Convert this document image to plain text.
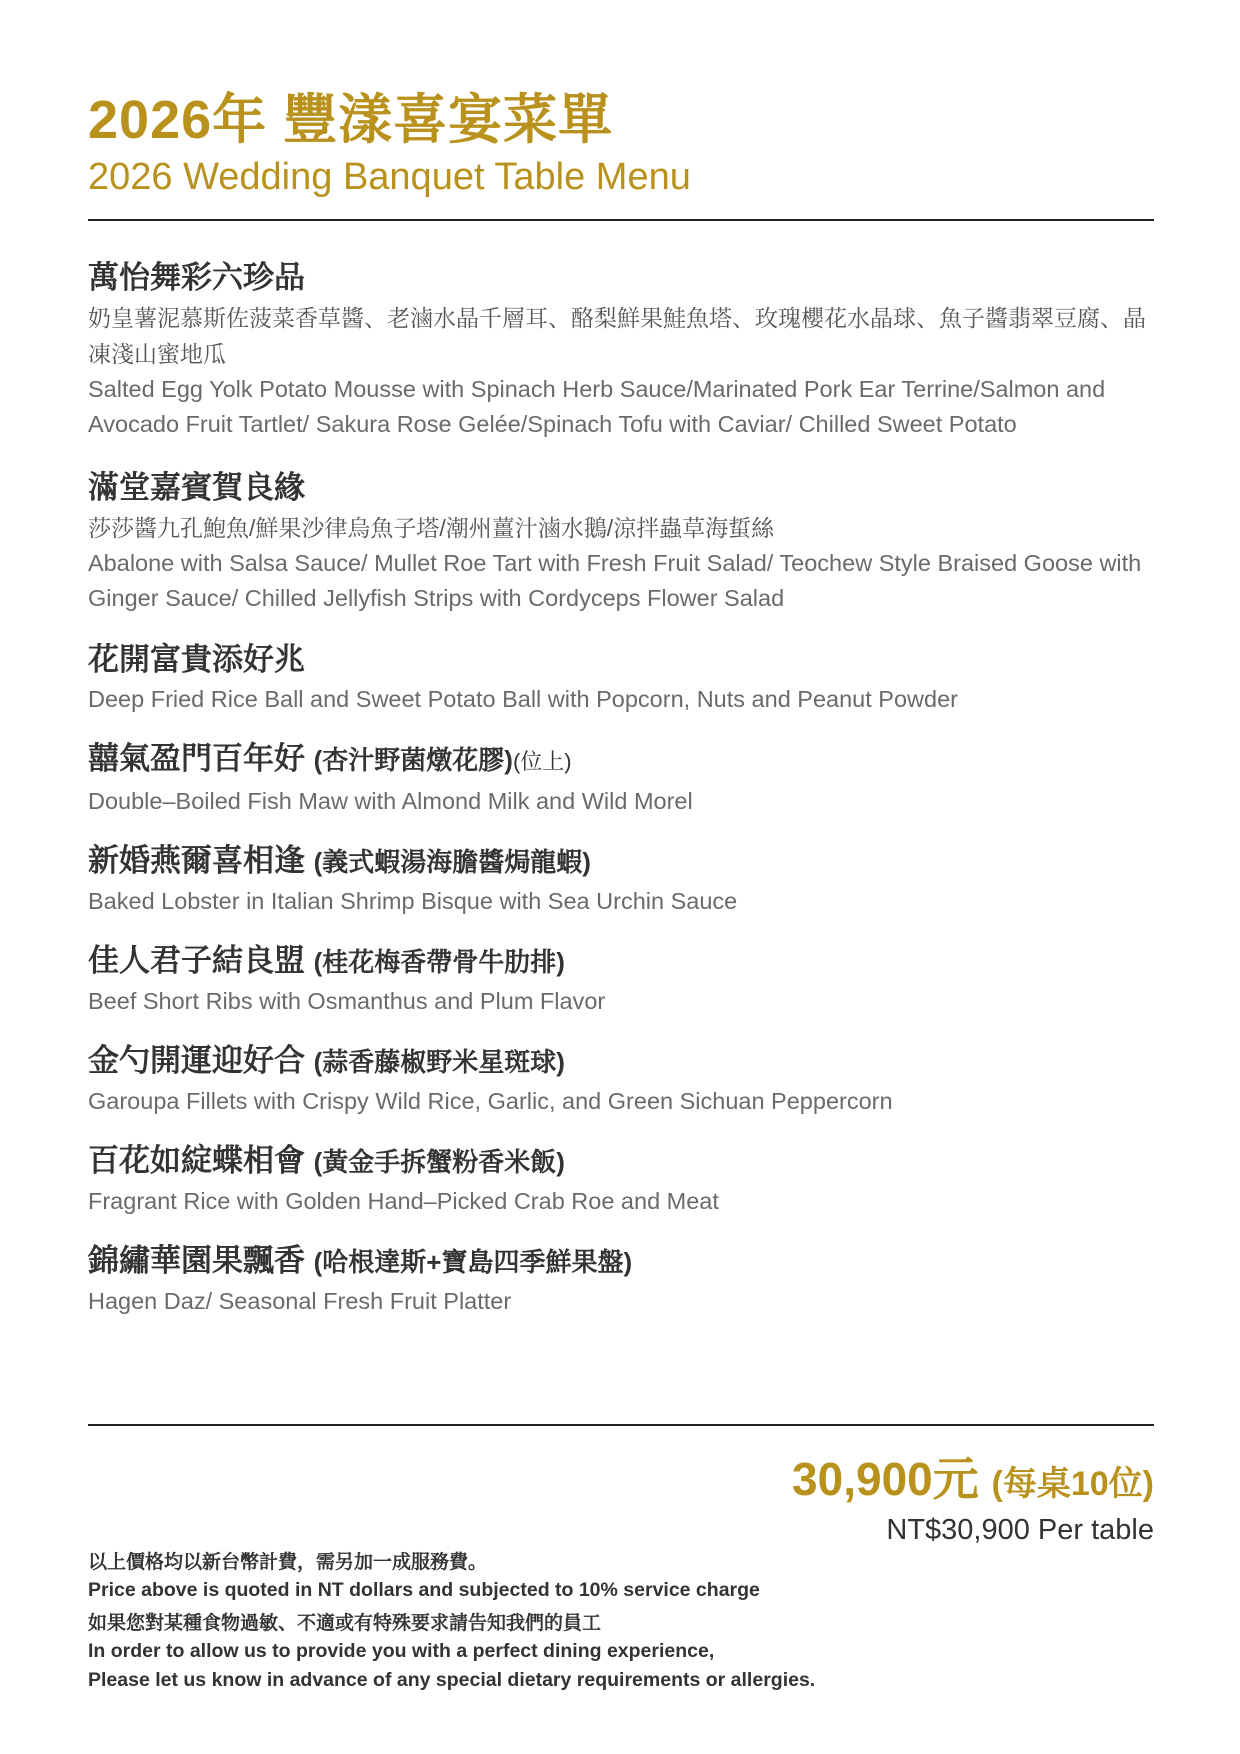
2026年 豐漾喜宴菜單
2026 Wedding Banquet Table Menu
萬怡舞彩六珍品
奶皇薯泥慕斯佐菠菜香草醬、老滷水晶千層耳、酪梨鮮果鮭魚塔、玫瑰櫻花水晶球、魚子醬翡翠豆腐、晶凍淺山蜜地瓜
Salted Egg Yolk Potato Mousse with Spinach Herb Sauce/Marinated Pork Ear Terrine/Salmon and Avocado Fruit Tartlet/ Sakura Rose Gelée/Spinach Tofu with Caviar/ Chilled Sweet Potato
滿堂嘉賓賀良緣
莎莎醬九孔鮑魚/鮮果沙律烏魚子塔/潮州薑汁滷水鵝/涼拌蟲草海蜇絲
Abalone with Salsa Sauce/ Mullet Roe Tart with Fresh Fruit Salad/ Teochew Style Braised Goose with Ginger Sauce/ Chilled Jellyfish Strips with Cordyceps Flower Salad
花開富貴添好兆
Deep Fried Rice Ball and Sweet Potato Ball with Popcorn, Nuts and Peanut Powder
囍氣盈門百年好 (杏汁野菌燉花膠)(位上)
Double–Boiled Fish Maw with Almond Milk and Wild Morel
新婚燕爾喜相逢 (義式蝦湯海膽醬焗龍蝦)
Baked Lobster in Italian Shrimp Bisque with Sea Urchin Sauce
佳人君子結良盟 (桂花梅香帶骨牛肋排)
Beef Short Ribs with Osmanthus and Plum Flavor
金勺開運迎好合 (蒜香藤椒野米星斑球)
Garoupa Fillets with Crispy Wild Rice, Garlic, and Green Sichuan Peppercorn
百花如綻蝶相會 (黃金手拆蟹粉香米飯)
Fragrant Rice with Golden Hand–Picked Crab Roe and Meat
錦繡華園果飄香 (哈根達斯+寶島四季鮮果盤)
Hagen Daz/ Seasonal Fresh Fruit Platter
30,900元 (每桌10位)
NT$30,900 Per table
以上價格均以新台幣計費，需另加一成服務費。
Price above is quoted in NT dollars and subjected to 10% service charge
如果您對某種食物過敏、不適或有特殊要求請告知我們的員工
In order to allow us to provide you with a perfect dining experience,
Please let us know in advance of any special dietary requirements or allergies.
